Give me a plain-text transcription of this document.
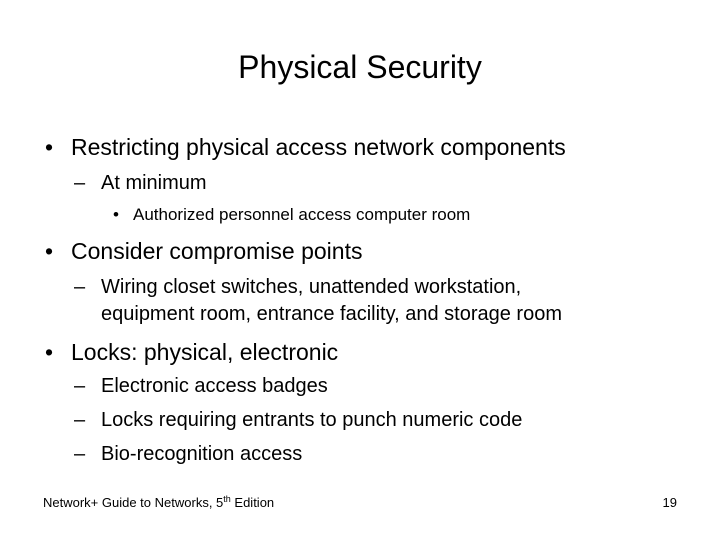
Physical Security
• Restricting physical access network components
– At minimum
• Authorized personnel access computer room
• Consider compromise points
– Wiring closet switches, unattended workstation,
equipment room, entrance facility, and storage room
• Locks: physical, electronic
– Electronic access badges
– Locks requiring entrants to punch numeric code
– Bio-recognition access
Network+ Guide to Networks, 5th Edition	19
